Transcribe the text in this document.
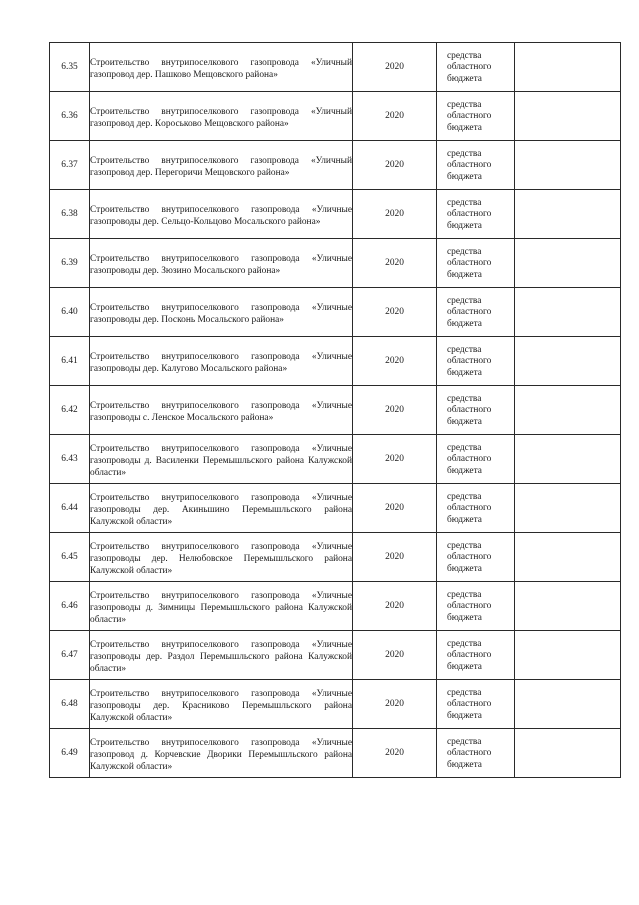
6.35	Строительство внутрипоселкового газопровода «Уличный газопровод дер. Пашково Мещовского района»	2020	средства
областного
бюджета	

6.36	Строительство внутрипоселкового газопровода «Уличный газопровод дер. Кoроськово Мещовского района»	2020	средства
областного
бюджета	

6.37	Строительство внутрипоселкового газопровода «Уличный газопровод дер. Перегоричи Мещовского района»	2020	средства
областного
бюджета	

6.38	Строительство внутрипоселкового газопровода «Уличные газопроводы дер. Сельцо-Кольцово Мосальского района»	2020	средства
областного
бюджета	

6.39	Строительство внутрипоселкового газопровода «Уличные газопроводы дер. Зюзино Мосальского района»	2020	средства
областного
бюджета	

6.40	Строительство внутрипоселкового газопровода «Уличные газопроводы дер. Посконь Мосальского района»	2020	средства
областного
бюджета	

6.41	Строительство внутрипоселкового газопровода «Уличные газопроводы дер. Калугово Мосальского района»	2020	средства
областного
бюджета	

6.42	Строительство внутрипоселкового газопровода «Уличные газопроводы с. Ленское Мосальского района»	2020	средства
областного
бюджета	

6.43	Строительство внутрипоселкового газопровода «Уличные газопроводы д. Василенки Перемышльского района Калужской области»	2020	средства
областного
бюджета	

6.44	Строительство внутрипоселкового газопровода «Уличные газопроводы дер. Акиньшино Перемышльского района Калужской области»	2020	средства
областного
бюджета	

6.45	Строительство внутрипоселкового газопровода «Уличные газопроводы дер. Нелюбовское Перемышльского района Калужской области»	2020	средства
областного
бюджета	

6.46	Строительство внутрипоселкового газопровода «Уличные газопроводы д. Зимницы Перемышльского района Калужской области»	2020	средства
областного
бюджета	

6.47	Строительство внутрипоселкового газопровода «Уличные газопроводы дер. Раздол Перемышльского района Калужской области»	2020	средства
областного
бюджета	

6.48	Строительство внутрипоселкового газопровода «Уличные газопроводы дер. Красниково Перемышльского района Калужской области»	2020	средства
областного
бюджета	

6.49	Строительство внутрипоселкового газопровода «Уличные газопровод д. Корчевские Дворики Перемышльского района Калужской области»	2020	средства
областного
бюджета	
